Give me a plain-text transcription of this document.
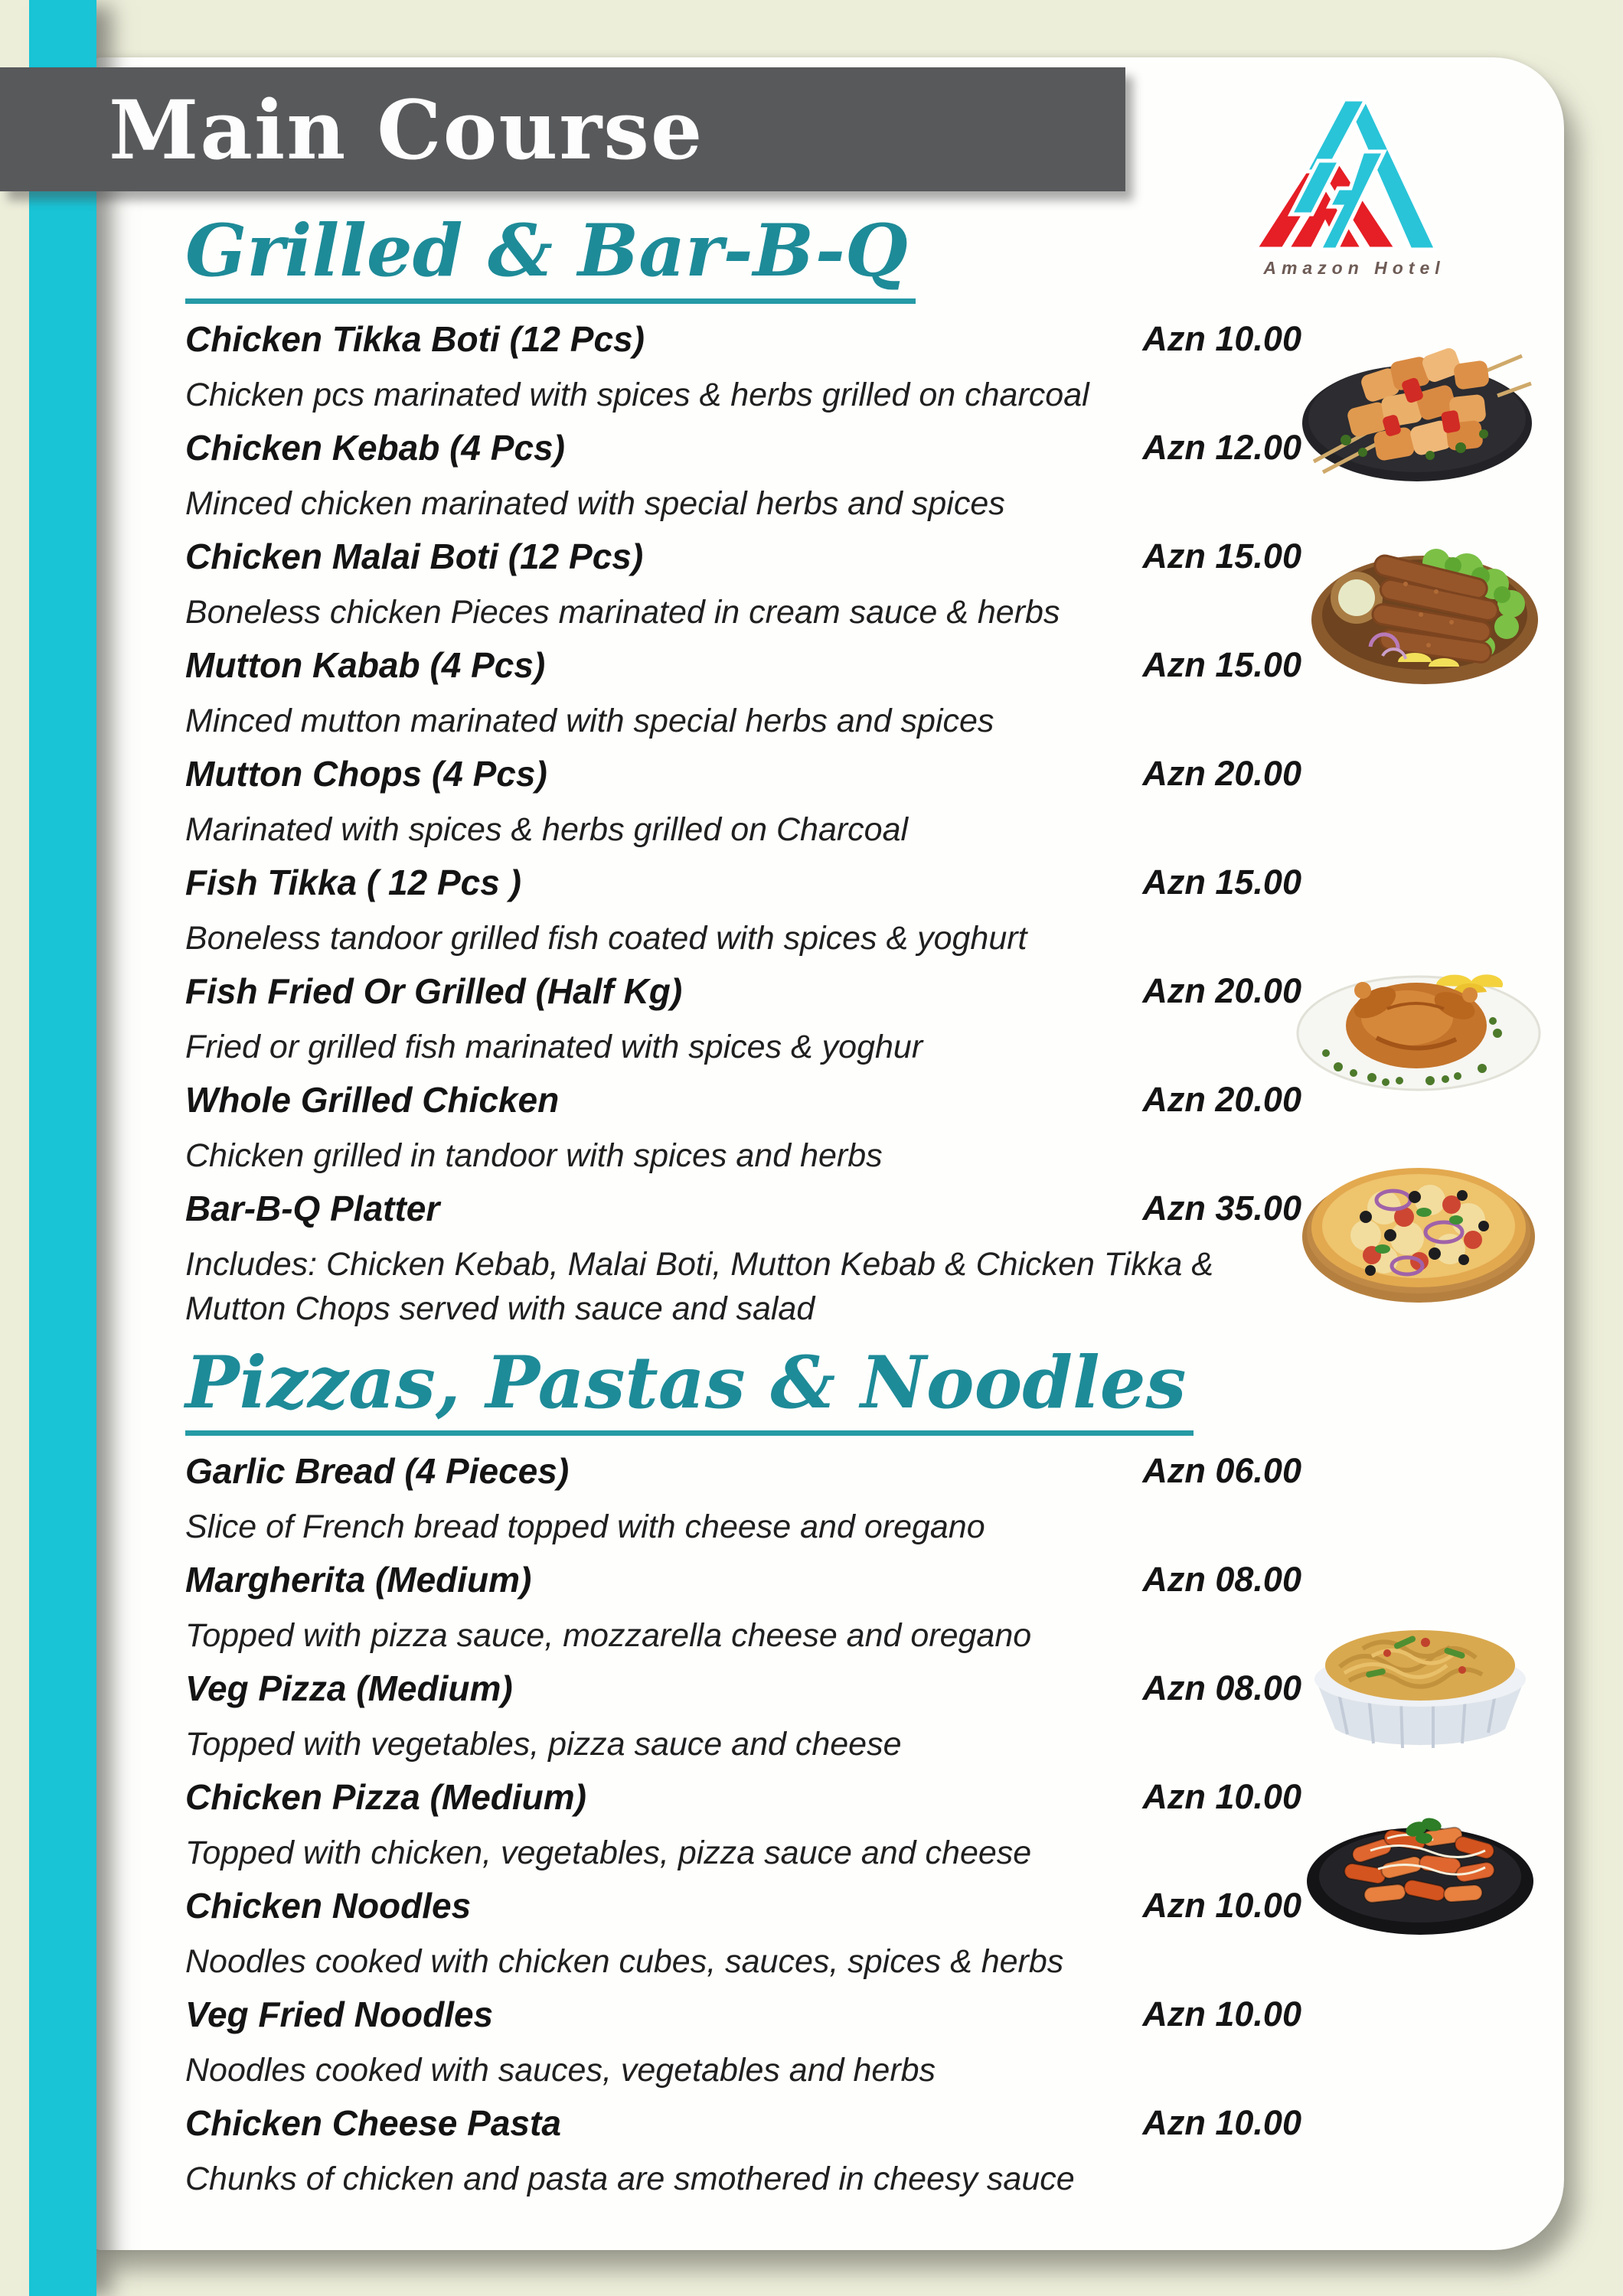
Main Course
Amazon Hotel
Grilled & Bar-B-Q
Chicken Tikka Boti (12 Pcs)	Azn 10.00
Chicken pcs marinated with spices & herbs grilled on charcoal
Chicken Kebab (4 Pcs)	Azn 12.00
Minced chicken marinated with special herbs and spices
Chicken Malai Boti (12 Pcs)	Azn 15.00
Boneless chicken Pieces marinated in cream sauce & herbs
Mutton Kabab (4 Pcs)	Azn 15.00
Minced mutton marinated with special herbs and spices
Mutton Chops (4 Pcs)	Azn 20.00
Marinated with spices & herbs grilled on Charcoal
Fish Tikka ( 12 Pcs )	Azn 15.00
Boneless tandoor grilled fish coated with spices & yoghurt
Fish Fried Or Grilled (Half Kg)	Azn 20.00
Fried or grilled fish marinated with spices & yoghur
Whole Grilled Chicken	Azn 20.00
Chicken grilled in tandoor with spices and herbs
Bar-B-Q Platter	Azn 35.00
Includes: Chicken Kebab, Malai Boti, Mutton Kebab & Chicken Tikka & Mutton Chops served with sauce and salad
Pizzas, Pastas & Noodles
Garlic Bread (4 Pieces)	Azn 06.00
Slice of French bread topped with cheese and oregano
Margherita (Medium)	Azn 08.00
Topped with pizza sauce, mozzarella cheese and oregano
Veg Pizza (Medium)	Azn 08.00
Topped with vegetables, pizza sauce and cheese
Chicken Pizza (Medium)	Azn 10.00
Topped with chicken, vegetables, pizza sauce and cheese
Chicken Noodles	Azn 10.00
Noodles cooked with chicken cubes, sauces, spices & herbs
Veg Fried Noodles	Azn 10.00
Noodles cooked with sauces, vegetables and herbs
Chicken Cheese Pasta	Azn 10.00
Chunks of chicken and pasta are smothered in cheesy sauce
